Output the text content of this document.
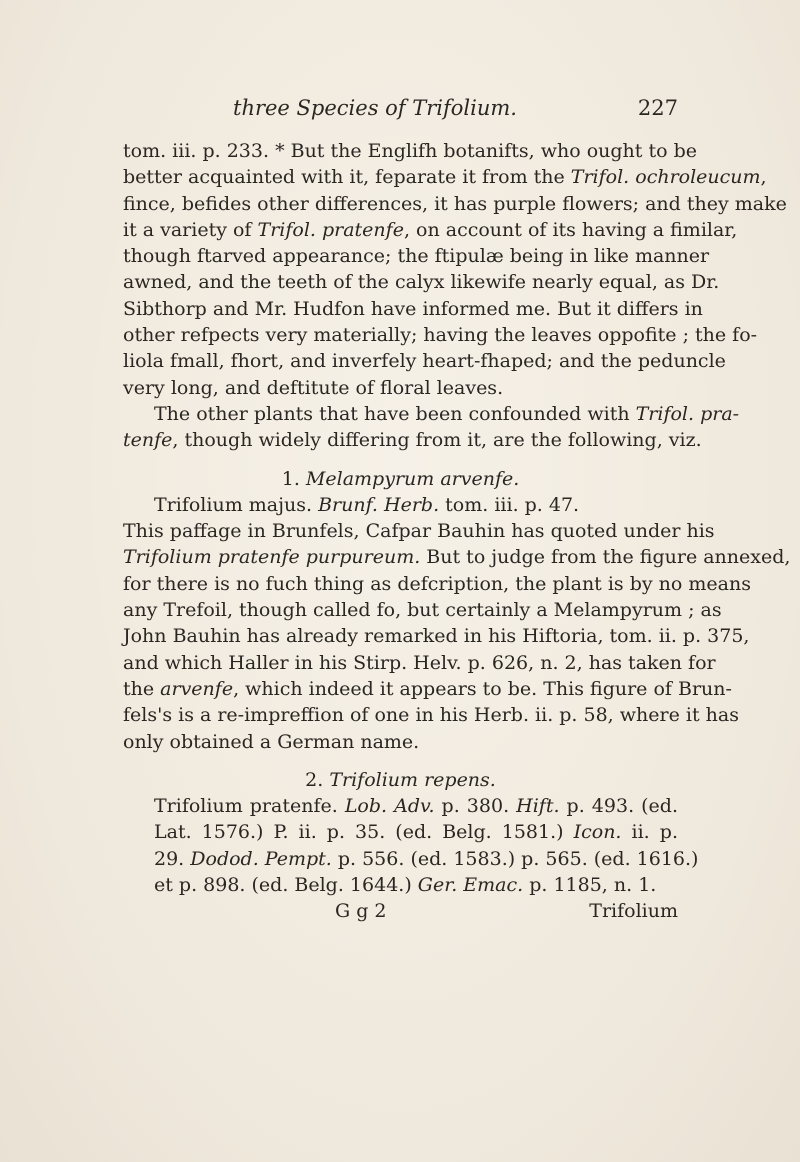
three Species of Trifolium.	227
tom. iii. p. 233. * But the Englifh botanifts, who ought to be
better acquainted with it, feparate it from the Trifol. ochroleucum,
fince, befides other differences, it has purple flowers; and they make
it a variety of Trifol. pratenfe, on account of its having a fimilar,
though ftarved appearance; the ftipulæ being in like manner
awned, and the teeth of the calyx likewife nearly equal, as Dr.
Sibthorp and Mr. Hudfon have informed me. But it differs in
other refpects very materially; having the leaves oppofite ; the fo-
liola fmall, fhort, and inverfely heart-fhaped; and the peduncle
very long, and deftitute of floral leaves.
The other plants that have been confounded with Trifol. pra-
tenfe, though widely differing from it, are the following, viz.
1. Melampyrum arvenfe.
Trifolium majus. Brunf. Herb. tom. iii. p. 47.
This paffage in Brunfels, Cafpar Bauhin has quoted under his
Trifolium pratenfe purpureum. But to judge from the figure annexed,
for there is no fuch thing as defcription, the plant is by no means
any Trefoil, though called fo, but certainly a Melampyrum ; as
John Bauhin has already remarked in his Hiftoria, tom. ii. p. 375,
and which Haller in his Stirp. Helv. p. 626, n. 2, has taken for
the arvenfe, which indeed it appears to be. This figure of Brun-
fels's is a re-impreffion of one in his Herb. ii. p. 58, where it has
only obtained a German name.
2. Trifolium repens.
Trifolium pratenfe. Lob. Adv. p. 380. Hift. p. 493. (ed.
Lat. 1576.) P. ii. p. 35. (ed. Belg. 1581.) Icon. ii. p.
29. Dodod. Pempt. p. 556. (ed. 1583.) p. 565. (ed. 1616.)
et p. 898. (ed. Belg. 1644.) Ger. Emac. p. 1185, n. 1.
G g 2	Trifolium
